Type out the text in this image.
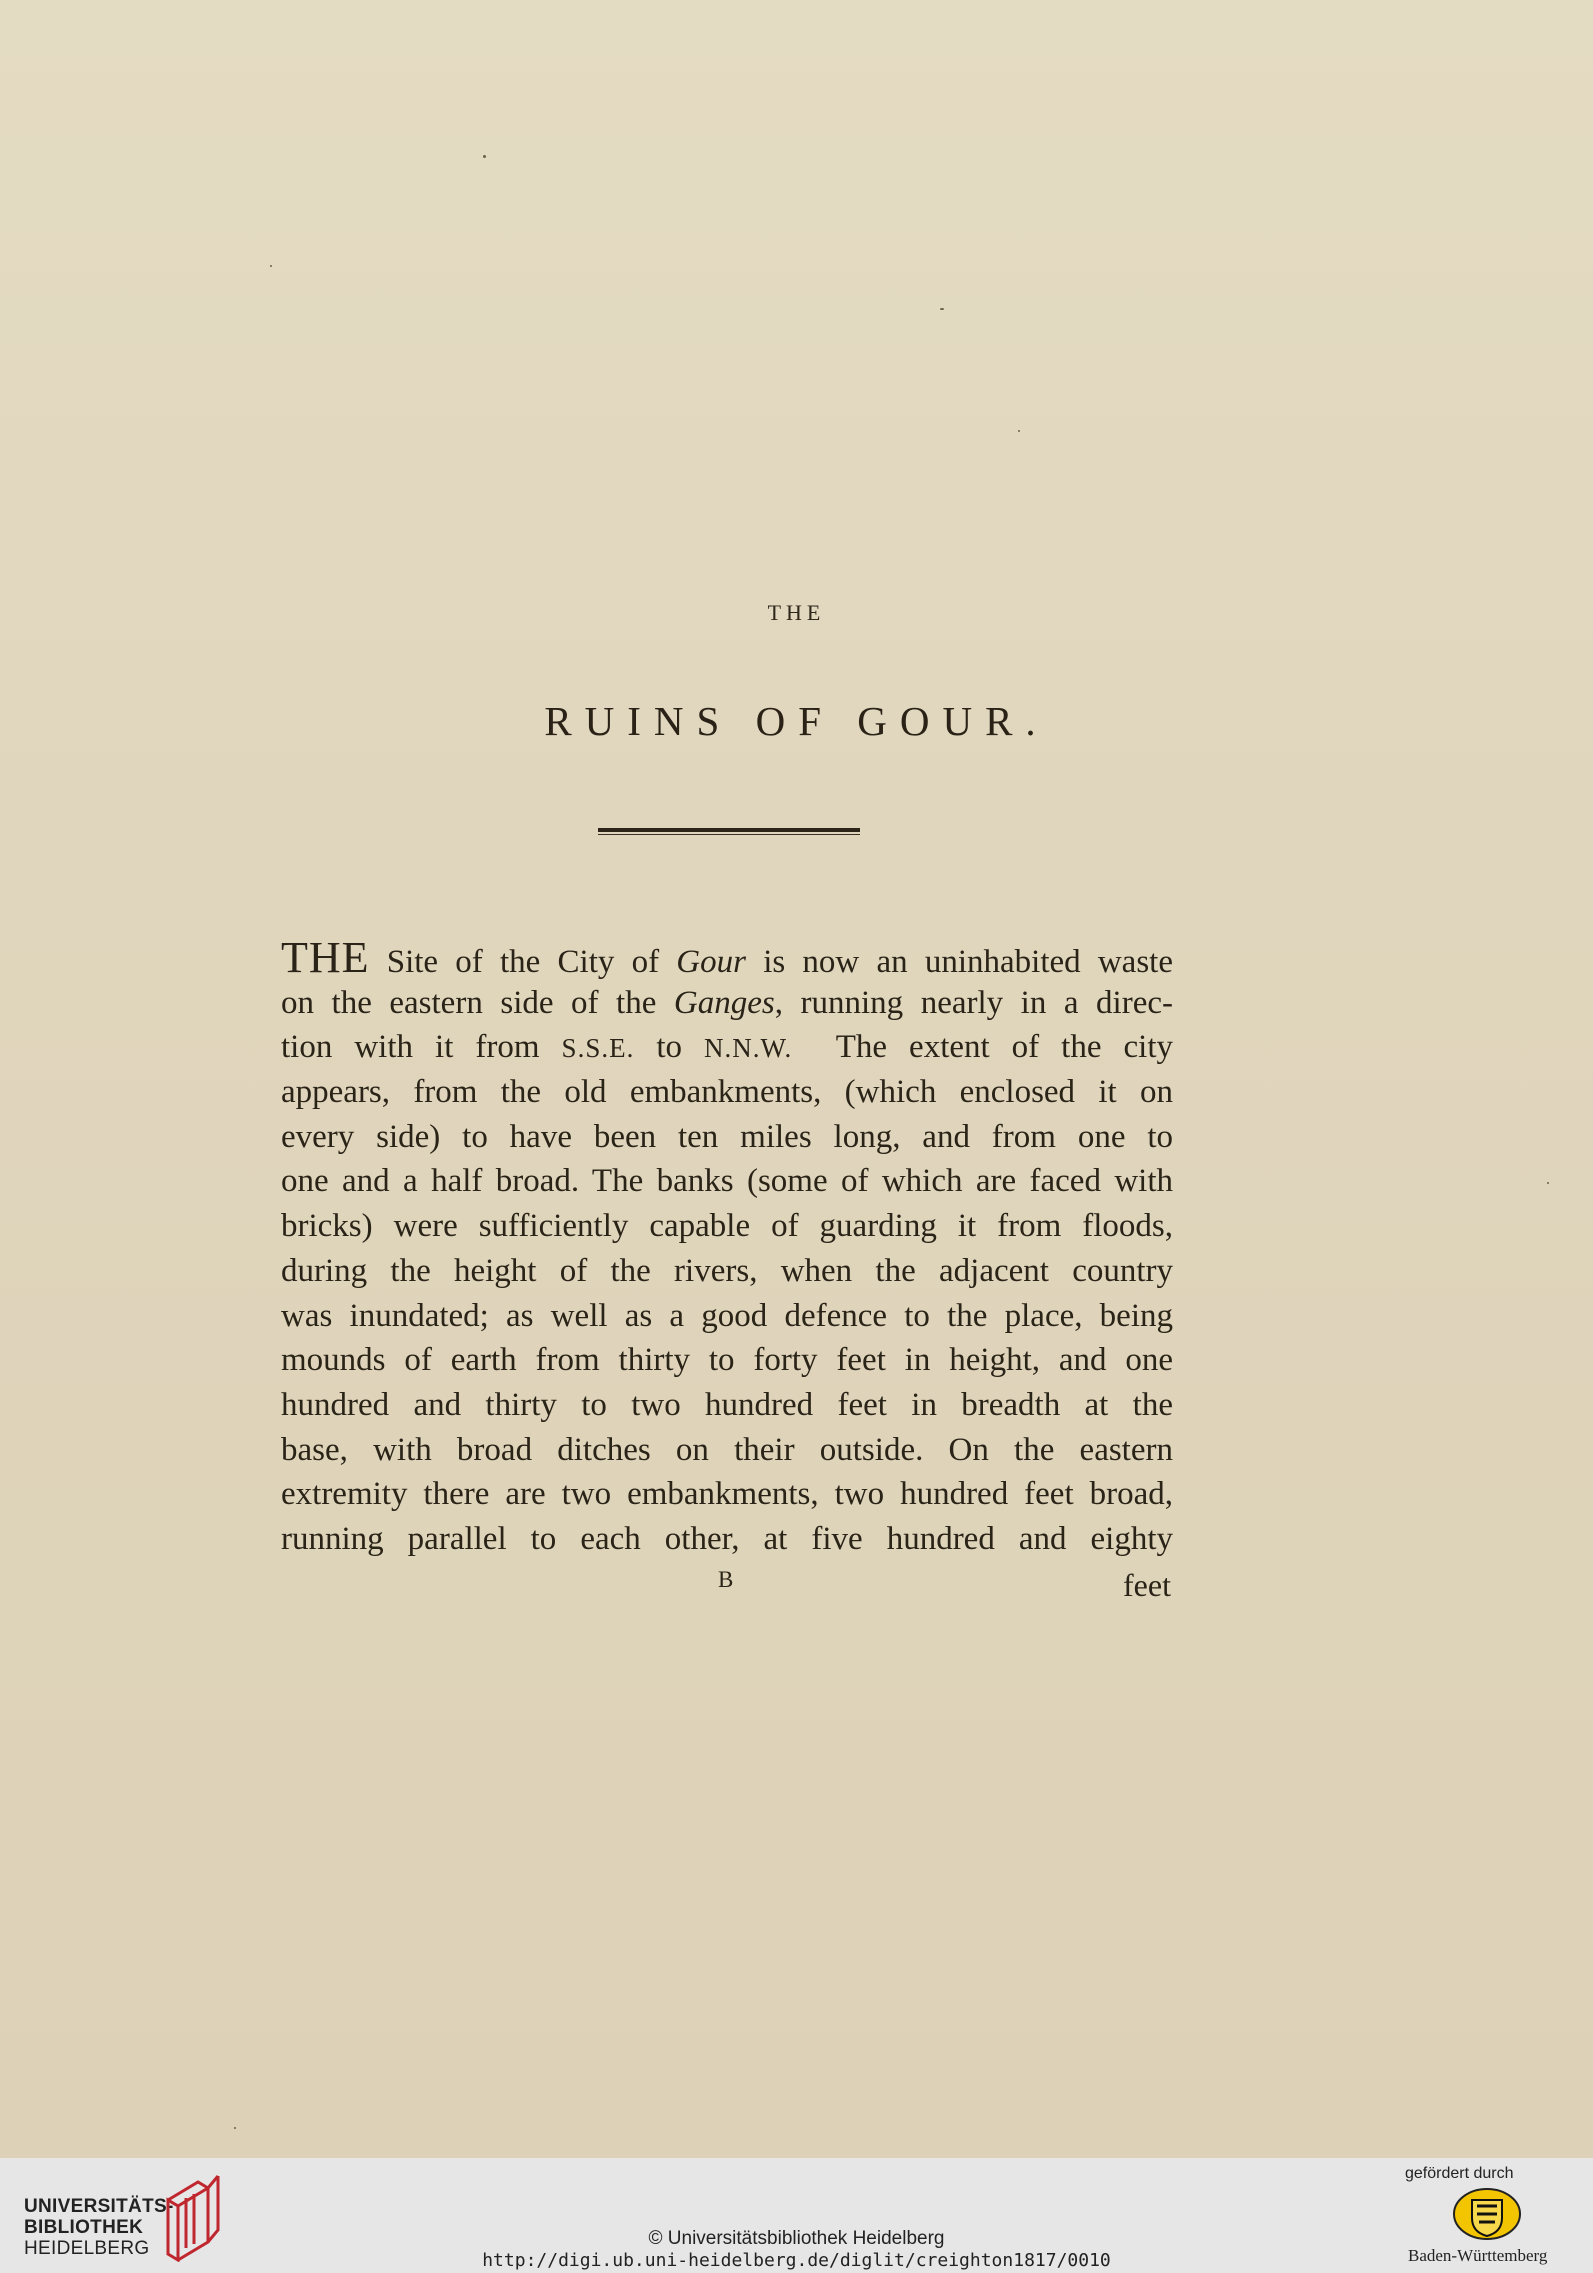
THE
RUINS OF GOUR.
THE Site of the City of Gour is now an uninhabited waste
on the eastern side of the Ganges, running nearly in a direc-
tion with it from S.S.E. to N.N.W.  The extent of the city
appears, from the old embankments, (which enclosed it on
every side) to have been ten miles long, and from one to
one and a half broad. The banks (some of which are faced with
bricks) were sufficiently capable of guarding it from floods,
during the height of the rivers, when the adjacent country
was inundated; as well as a good defence to the place, being
mounds of earth from thirty to forty feet in height, and one
hundred and thirty to two hundred feet in breadth at the
base, with broad ditches on their outside. On the eastern
extremity there are two embankments, two hundred feet broad,
running parallel to each other, at five hundred and eighty
B	feet
UNIVERSITÄTS-
BIBLIOTHEK
HEIDELBERG	© Universitätsbibliothek Heidelberg
http://digi.ub.uni-heidelberg.de/diglit/creighton1817/0010
gefördert durch
Baden-Württemberg
